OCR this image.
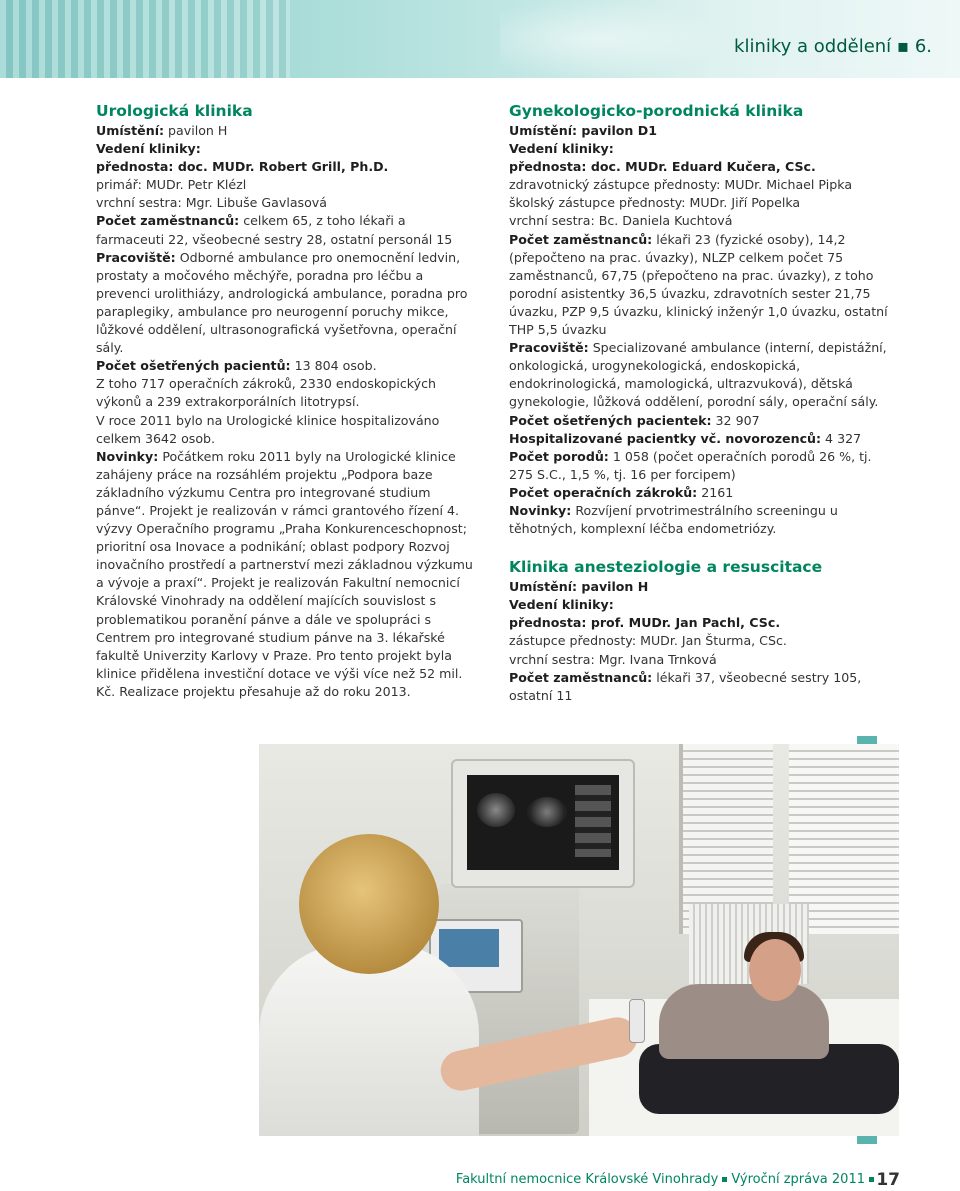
kliniky a oddělení ▪ 6.

Urologická klinika

Umístění: pavilon H

Vedení kliniky:

přednosta: doc. MUDr. Robert Grill, Ph.D.

primář: MUDr. Petr Klézl

vrchní sestra: Mgr. Libuše Gavlasová

Počet zaměstnanců: celkem 65, z toho lékaři a farmaceuti 22, všeobecné sestry 28, ostatní personál 15

Pracoviště: Odborné ambulance pro onemocnění ledvin, prostaty a močového měchýře, poradna pro léčbu a prevenci urolithiázy, andrologická ambulance, poradna pro paraplegiky, ambulance pro neurogenní poruchy mikce, lůžkové oddělení, ultrasonografická vyšetřovna, operační sály.

Počet ošetřených pacientů: 13 804 osob.

Z toho 717 operačních zákroků, 2330 endoskopických výkonů a 239 extrakorporálních litotrypsí.

V roce 2011 bylo na Urologické klinice hospitalizováno celkem 3642 osob.

Novinky: Počátkem roku 2011 byly na Urologické klinice zahájeny práce na rozsáhlém projektu „Podpora baze základního výzkumu Centra pro integrované studium pánve“. Projekt je realizován v rámci grantového řízení 4. výzvy Operačního programu „Praha Konkurenceschopnost; prioritní osa Inovace a podnikání; oblast podpory Rozvoj inovačního prostředí a partnerství mezi základnou výzkumu a vývoje a praxí“. Projekt je realizován Fakultní nemocnicí Královské Vinohrady na oddělení majících souvislost s problematikou poranění pánve a dále ve spolupráci s Centrem pro integrované studium pánve na 3. lékařské fakultě Univerzity Karlovy v Praze. Pro tento projekt byla klinice přidělena investiční dotace ve výši více než 52 mil. Kč. Realizace projektu přesahuje až do roku 2013.

Gynekologicko-porodnická klinika

Umístění: pavilon D1

Vedení kliniky:

přednosta: doc. MUDr. Eduard Kučera, CSc.

zdravotnický zástupce přednosty: MUDr. Michael Pipka

školský zástupce přednosty: MUDr. Jiří Popelka

vrchní sestra: Bc. Daniela Kuchtová

Počet zaměstnanců: lékaři 23 (fyzické osoby), 14,2 (přepočteno na prac. úvazky), NLZP celkem počet 75 zaměstnanců, 67,75 (přepočteno na prac. úvazky), z toho porodní asistentky 36,5 úvazku, zdravotních sester 21,75 úvazku, PZP 9,5 úvazku, klinický inženýr 1,0 úvazku, ostatní THP 5,5 úvazku

Pracoviště: Specializované ambulance (interní, depistážní, onkologická, urogynekologická, endoskopická, endokrinologická, mamologická, ultrazvuková), dětská gynekologie, lůžková oddělení, porodní sály, operační sály.

Počet ošetřených pacientek: 32 907

Hospitalizované pacientky vč. novorozenců: 4 327

Počet porodů: 1 058 (počet operačních porodů 26 %, tj. 275 S.C., 1,5 %, tj. 16 per forcipem)

Počet operačních zákroků: 2161

Novinky: Rozvíjení prvotrimestrálního screeningu u těhotných, komplexní léčba endometriózy.

Klinika anesteziologie a resuscitace

Umístění: pavilon H

Vedení kliniky:

přednosta: prof. MUDr. Jan Pachl, CSc.

zástupce přednosty: MUDr. Jan Šturma, CSc.

vrchní sestra: Mgr. Ivana Trnková

Počet zaměstnanců: lékaři 37, všeobecné sestry 105, ostatní 11

Fakultní nemocnice Královské Vinohrady Výroční zpráva 2011 17
